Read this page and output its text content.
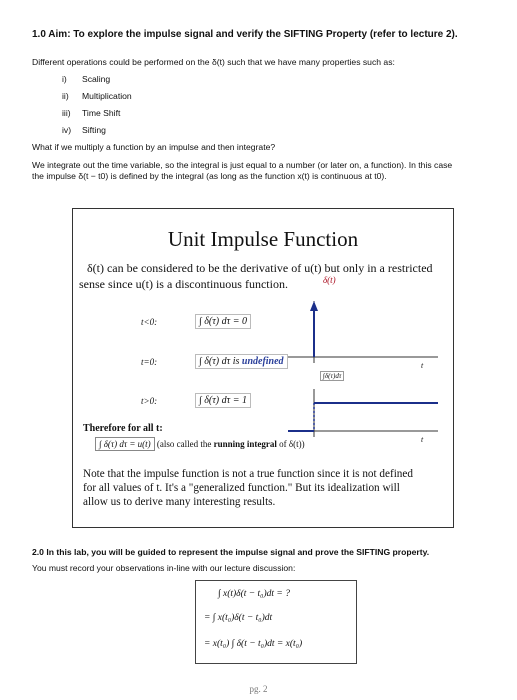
1.0 Aim: To explore the impulse signal and verify the SIFTING Property (refer to lecture 2).
Different operations could be performed on the δ(t) such that we have many properties such as:
i) Scaling
ii) Multiplication
iii) Time Shift
iv) Sifting
What if we multiply a function by an impulse and then integrate?
We integrate out the time variable, so the integral is just equal to a number (or later on, a function). In this case
the impulse δ(t − t0) is defined by the integral (as long as the function x(t) is continuous at t0).
Unit Impulse Function
δ(t) can be considered to be the derivative of u(t) but only in a restricted
sense since u(t) is a discontinuous function.
t<0:	∫ δ(τ) dτ = 0
t=0:	∫ δ(τ) dτ is undefined
t>0:	∫ δ(τ) dτ = 1
δ(t)
∫δ(τ)dτ
t
t
Therefore for all t:
∫ δ(τ) dτ = u(t) (also called the running integral of δ(t))
Note that the impulse function is not a true function since it is not defined
for all values of t. It's a "generalized function." But its idealization will
allow us to derive many interesting results.
2.0 In this lab, you will be guided to represent the impulse signal and prove the SIFTING property.
You must record your observations in-line with our lecture discussion:
∫ x(t)δ(t − t₀)dt = ?
= ∫ x(t₀)δ(t − t₀)dt
= x(t₀) ∫ δ(t − t₀)dt = x(t₀)
pg. 2
